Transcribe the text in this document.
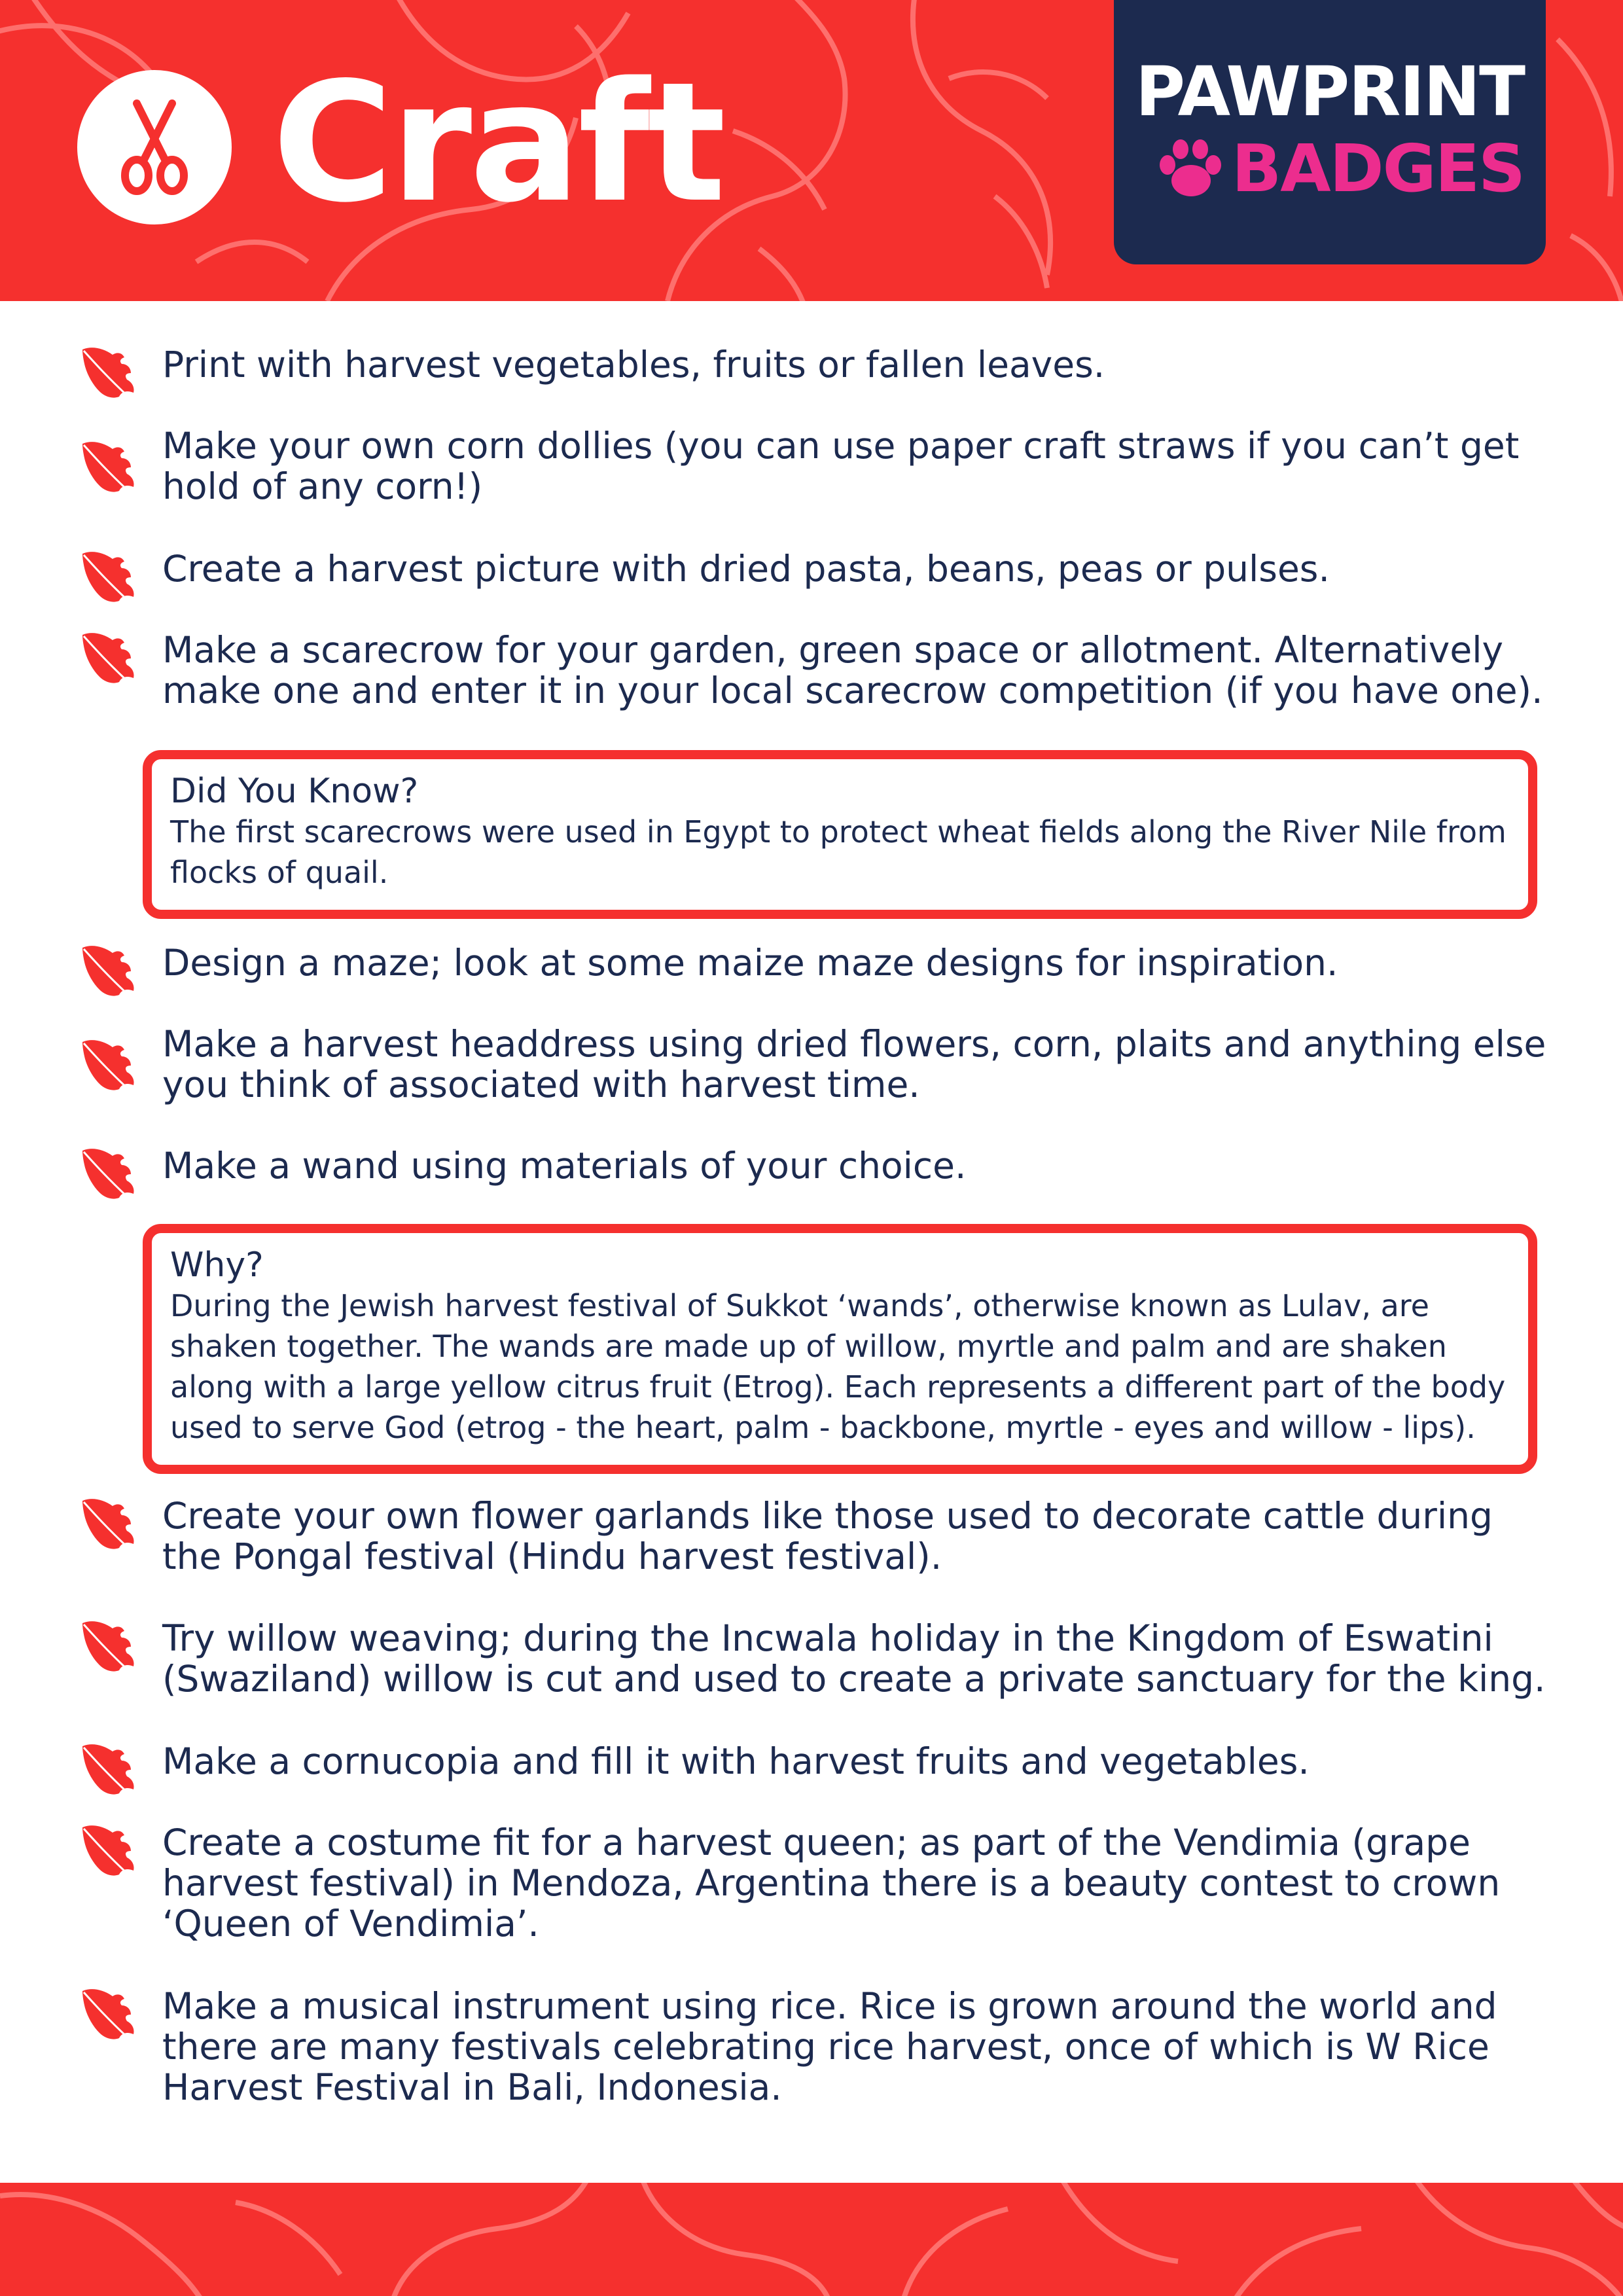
Craft	PAWPRINT
BADGES

Print with harvest vegetables, fruits or fallen leaves.

Make your own corn dollies (you can use paper craft straws if you can’t get hold of any corn!)

Create a harvest picture with dried pasta, beans, peas or pulses.

Make a scarecrow for your garden, green space or allotment. Alternatively make one and enter it in your local scarecrow competition (if you have one).

Did You Know?

The first scarecrows were used in Egypt to protect wheat fields along the River Nile from flocks of quail.

Design a maze; look at some maize maze designs for inspiration.

Make a harvest headdress using dried flowers, corn, plaits and anything else you think of associated with harvest time.

Make a wand using materials of your choice.

Why?

During the Jewish harvest festival of Sukkot ‘wands’, otherwise known as Lulav, are shaken together. The wands are made up of willow, myrtle and palm and are shaken along with a large yellow citrus fruit (Etrog). Each represents a different part of the body used to serve God (etrog - the heart, palm - backbone, myrtle - eyes and willow - lips).

Create your own flower garlands like those used to decorate cattle during the Pongal festival (Hindu harvest festival).

Try willow weaving; during the Incwala holiday in the Kingdom of Eswatini (Swaziland) willow is cut and used to create a private sanctuary for the king.

Make a cornucopia and fill it with harvest fruits and vegetables.

Create a costume fit for a harvest queen; as part of the Vendimia (grape harvest festival) in Mendoza, Argentina there is a beauty contest to crown ‘Queen of Vendimia’.

Make a musical instrument using rice. Rice is grown around the world and there are many festivals celebrating rice harvest, once of which is W Rice Harvest Festival in Bali, Indonesia.
